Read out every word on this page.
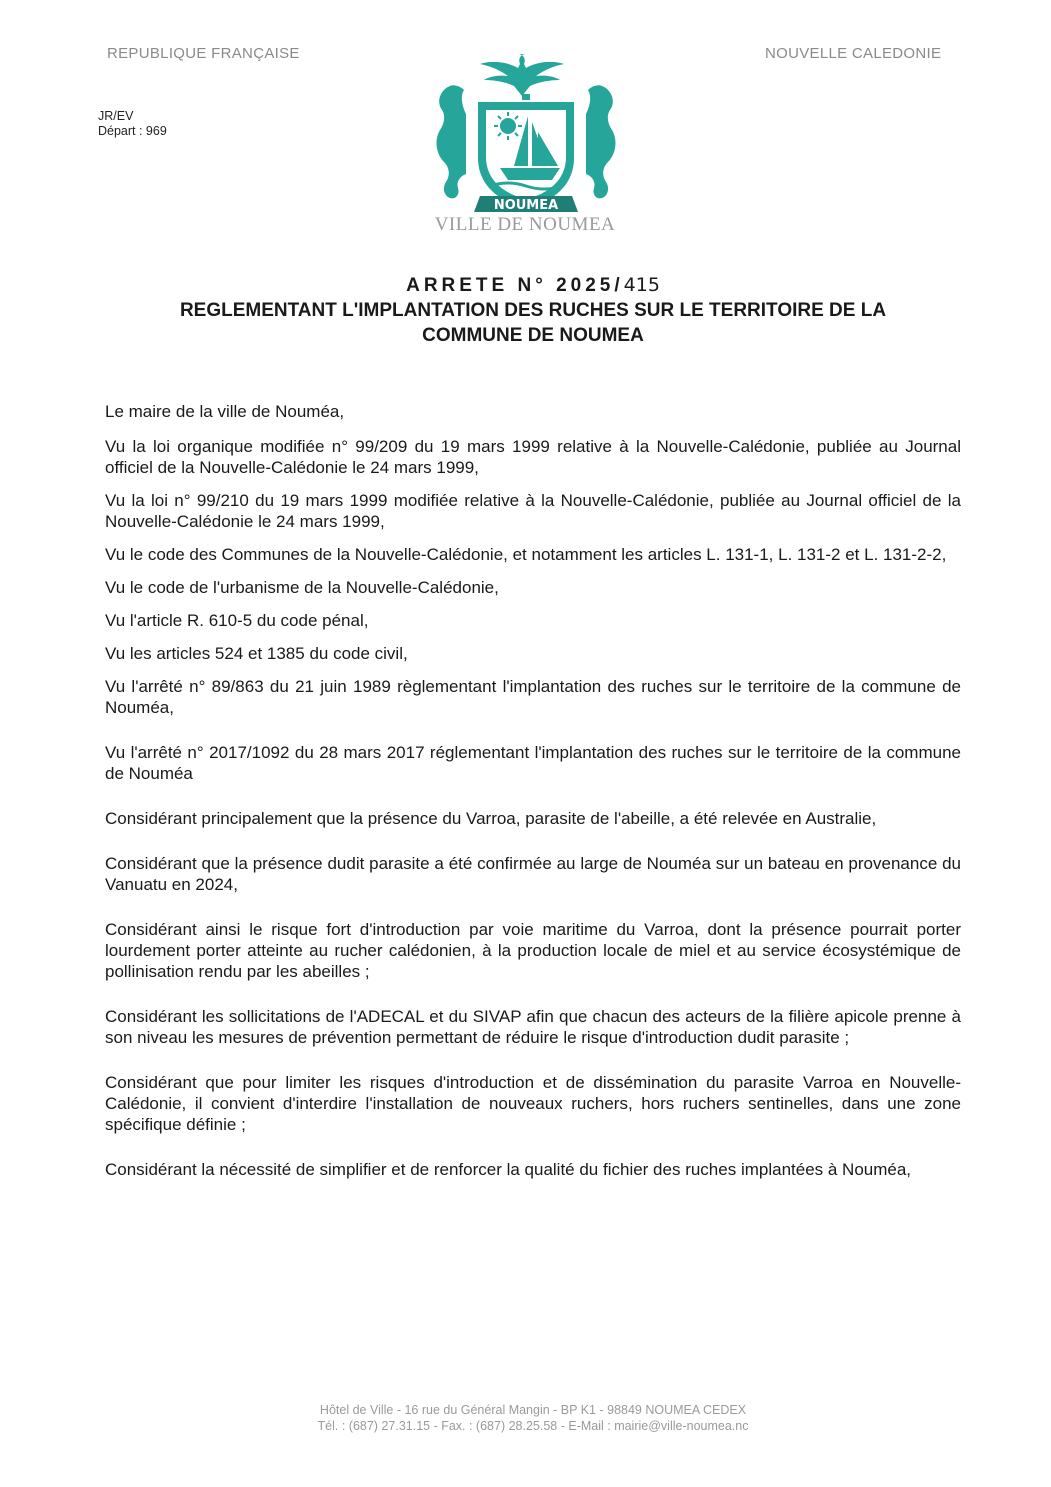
REPUBLIQUE FRANÇAISE	NOUVELLE CALEDONIE
JR/EV
Départ : 969
NOUMEA
VILLE DE NOUMEA
ARRETE N° 2025/415
REGLEMENTANT L'IMPLANTATION DES RUCHES SUR LE TERRITOIRE DE LA
COMMUNE DE NOUMEA

Le maire de la ville de Nouméa,

Vu la loi organique modifiée n° 99/209 du 19 mars 1999 relative à la Nouvelle-Calédonie, publiée au Journal officiel de la Nouvelle-Calédonie le 24 mars 1999,

Vu la loi n° 99/210 du 19 mars 1999 modifiée relative à la Nouvelle-Calédonie, publiée au Journal officiel de la Nouvelle-Calédonie le 24 mars 1999,

Vu le code des Communes de la Nouvelle-Calédonie, et notamment les articles L. 131-1, L. 131-2 et L. 131-2-2,

Vu le code de l'urbanisme de la Nouvelle-Calédonie,

Vu l'article R. 610-5 du code pénal,

Vu les articles 524 et 1385 du code civil,

Vu l'arrêté n° 89/863 du 21 juin 1989 règlementant l'implantation des ruches sur le territoire de la commune de Nouméa,

Vu l'arrêté n° 2017/1092 du 28 mars 2017 réglementant l'implantation des ruches sur le territoire de la commune de Nouméa

Considérant principalement que la présence du Varroa, parasite de l'abeille, a été relevée en Australie,

Considérant que la présence dudit parasite a été confirmée au large de Nouméa sur un bateau en provenance du Vanuatu en 2024,

Considérant ainsi le risque fort d'introduction par voie maritime du Varroa, dont la présence pourrait porter lourdement porter atteinte au rucher calédonien, à la production locale de miel et au service écosystémique de pollinisation rendu par les abeilles ;

Considérant les sollicitations de l'ADECAL et du SIVAP afin que chacun des acteurs de la filière apicole prenne à son niveau les mesures de prévention permettant de réduire le risque d'introduction dudit parasite ;

Considérant que pour limiter les risques d'introduction et de dissémination du parasite Varroa en Nouvelle-Calédonie, il convient d'interdire l'installation de nouveaux ruchers, hors ruchers sentinelles, dans une zone spécifique définie ;

Considérant la nécessité de simplifier et de renforcer la qualité du fichier des ruches implantées à Nouméa,

Hôtel de Ville - 16 rue du Général Mangin - BP K1 - 98849 NOUMEA CEDEX
Tél. : (687) 27.31.15 - Fax. : (687) 28.25.58 - E-Mail : mairie@ville-noumea.nc
